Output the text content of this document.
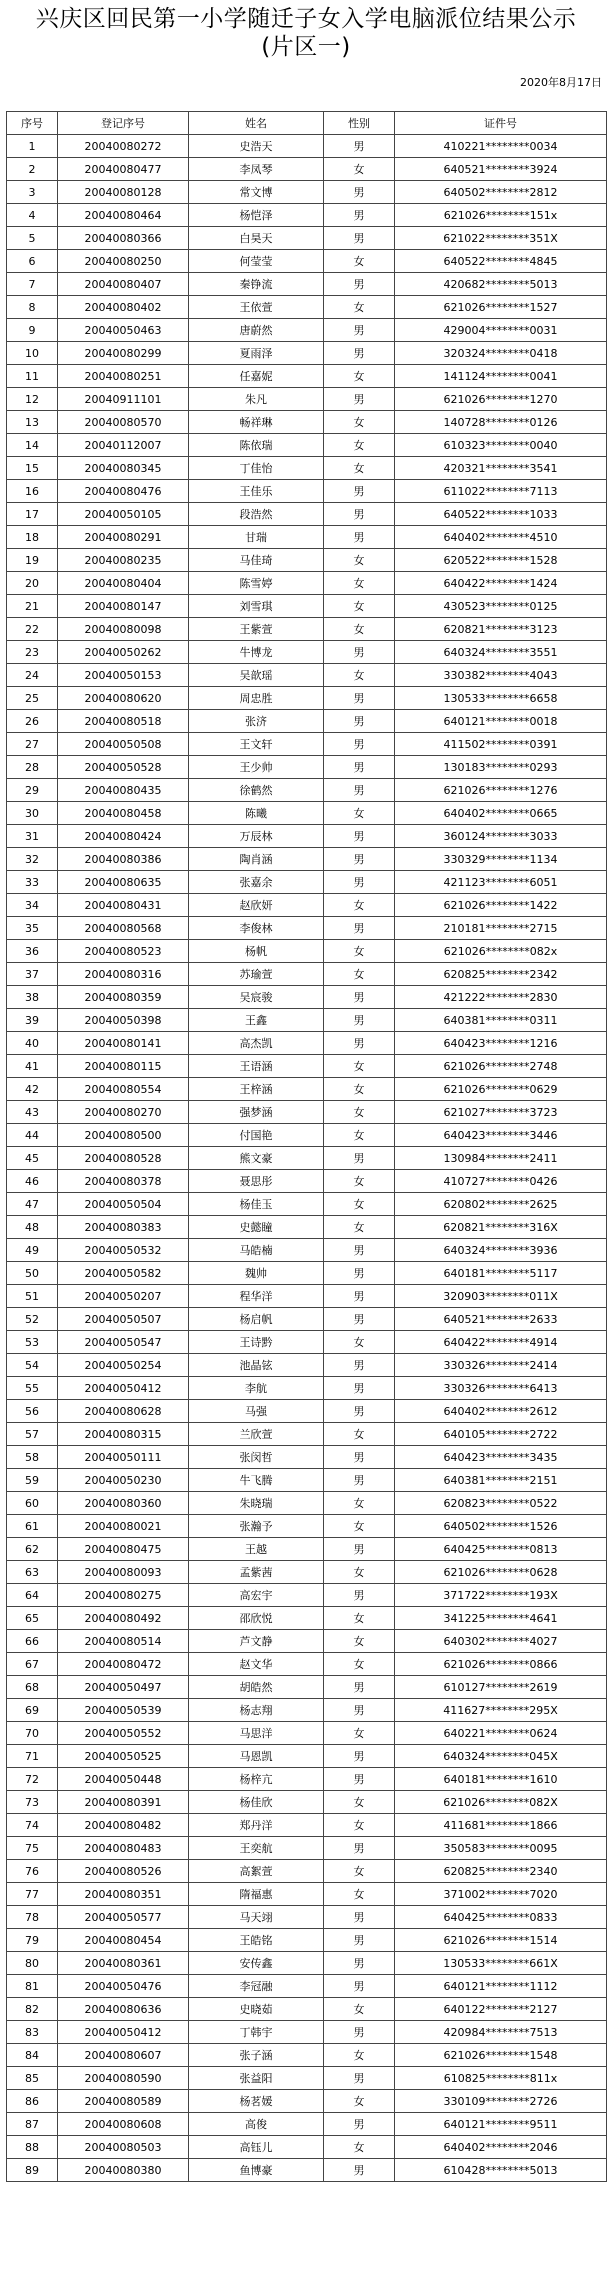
兴庆区回民第一小学随迁子女入学电脑派位结果公示
(片区一)
2020年8月17日
序号	登记序号	姓名	性别	证件号
1	20040080272	史浩天	男	410221********0034
2	20040080477	李凤琴	女	640521********3924
3	20040080128	常文博	男	640502********2812
4	20040080464	杨恺泽	男	621026********151x
5	20040080366	白昊天	男	621022********351X
6	20040080250	何莹莹	女	640522********4845
7	20040080407	秦铮流	男	420682********5013
8	20040080402	王依萱	女	621026********1527
9	20040050463	唐蔚然	男	429004********0031
10	20040080299	夏雨泽	男	320324********0418
11	20040080251	任嘉妮	女	141124********0041
12	20040911101	朱凡	男	621026********1270
13	20040080570	畅祥琳	女	140728********0126
14	20040112007	陈依瑞	女	610323********0040
15	20040080345	丁佳怡	女	420321********3541
16	20040080476	王佳乐	男	611022********7113
17	20040050105	段浩然	男	640522********1033
18	20040080291	甘瑞	男	640402********4510
19	20040080235	马佳琦	女	620522********1528
20	20040080404	陈雪婷	女	640422********1424
21	20040080147	刘雪琪	女	430523********0125
22	20040080098	王紫萱	女	620821********3123
23	20040050262	牛博龙	男	640324********3551
24	20040050153	吴歆瑶	女	330382********4043
25	20040080620	周忠胜	男	130533********6658
26	20040080518	张济	男	640121********0018
27	20040050508	王文轩	男	411502********0391
28	20040050528	王少帅	男	130183********0293
29	20040080435	徐鹤然	男	621026********1276
30	20040080458	陈曦	女	640402********0665
31	20040080424	万辰林	男	360124********3033
32	20040080386	陶肖涵	男	330329********1134
33	20040080635	张嘉余	男	421123********6051
34	20040080431	赵欣妍	女	621026********1422
35	20040080568	李俊林	男	210181********2715
36	20040080523	杨帆	女	621026********082x
37	20040080316	苏瑜萱	女	620825********2342
38	20040080359	吴宸骏	男	421222********2830
39	20040050398	王鑫	男	640381********0311
40	20040080141	高杰凯	男	640423********1216
41	20040080115	王语涵	女	621026********2748
42	20040080554	王梓涵	女	621026********0629
43	20040080270	强梦涵	女	621027********3723
44	20040080500	付国艳	女	640423********3446
45	20040080528	熊文豪	男	130984********2411
46	20040080378	聂思彤	女	410727********0426
47	20040050504	杨佳玉	女	620802********2625
48	20040080383	史懿瞳	女	620821********316X
49	20040050532	马皓楠	男	640324********3936
50	20040050582	魏帅	男	640181********5117
51	20040050207	程华洋	男	320903********011X
52	20040050507	杨启帆	男	640521********2633
53	20040050547	王诗黔	女	640422********4914
54	20040050254	池晶铉	男	330326********2414
55	20040050412	李航	男	330326********6413
56	20040080628	马强	男	640402********2612
57	20040080315	兰欣萱	女	640105********2722
58	20040050111	张闵哲	男	640423********3435
59	20040050230	牛飞腾	男	640381********2151
60	20040080360	朱晓瑞	女	620823********0522
61	20040080021	张瀚予	女	640502********1526
62	20040080475	王越	男	640425********0813
63	20040080093	孟紫茜	女	621026********0628
64	20040080275	高宏宇	男	371722********193X
65	20040080492	邵欣悦	女	341225********4641
66	20040080514	芦文静	女	640302********4027
67	20040080472	赵文华	女	621026********0866
68	20040050497	胡皓然	男	610127********2619
69	20040050539	杨志翔	男	411627********295X
70	20040050552	马思洋	女	640221********0624
71	20040050525	马恩凯	男	640324********045X
72	20040050448	杨梓亢	男	640181********1610
73	20040080391	杨佳欣	女	621026********082X
74	20040080482	郑丹洋	女	411681********1866
75	20040080483	王奕航	男	350583********0095
76	20040080526	高絮萱	女	620825********2340
77	20040080351	隋福惠	女	371002********7020
78	20040050577	马天翊	男	640425********0833
79	20040080454	王皓铭	男	621026********1514
80	20040080361	安传鑫	男	130533********661X
81	20040050476	李冠融	男	640121********1112
82	20040080636	史晓茹	女	640122********2127
83	20040050412	丁韩宇	男	420984********7513
84	20040080607	张子涵	女	621026********1548
85	20040080590	张益阳	男	610825********811x
86	20040080589	杨茗媛	女	330109********2726
87	20040080608	高俊	男	640121********9511
88	20040080503	高钰儿	女	640402********2046
89	20040080380	鱼博豪	男	610428********5013
